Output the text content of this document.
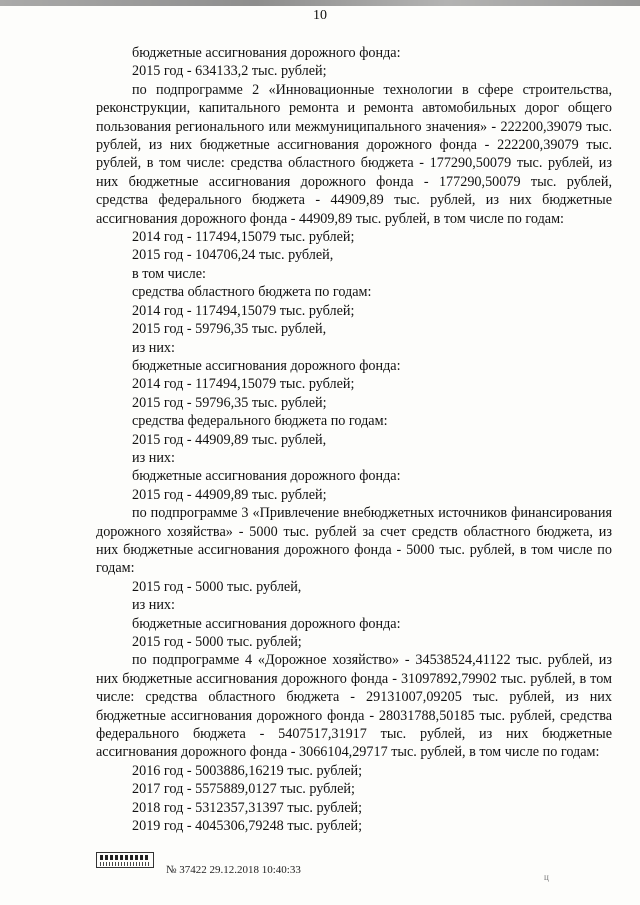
10

бюджетные ассигнования дорожного фонда:

2015 год - 634133,2 тыс. рублей;

по подпрограмме 2 «Инновационные технологии в сфере строительства, реконструкции, капитального ремонта и ремонта автомобильных дорог общего пользования регионального или межмуниципального значения» - 222200,39079 тыс. рублей, из них бюджетные ассигнования дорожного фонда - 222200,39079 тыс. рублей, в том числе: средства областного бюджета - 177290,50079 тыс. рублей, из них бюджетные ассигнования дорожного фонда - 177290,50079 тыс. рублей, средства федерального бюджета - 44909,89 тыс. рублей, из них бюджетные ассигнования дорожного фонда - 44909,89 тыс. рублей, в том числе по годам:

2014 год - 117494,15079 тыс. рублей;

2015 год - 104706,24 тыс. рублей,

в том числе:

средства областного бюджета по годам:

2014 год - 117494,15079 тыс. рублей;

2015 год - 59796,35 тыс. рублей,

из них:

бюджетные ассигнования дорожного фонда:

2014 год - 117494,15079 тыс. рублей;

2015 год - 59796,35 тыс. рублей;

средства федерального бюджета по годам:

2015 год - 44909,89 тыс. рублей,

из них:

бюджетные ассигнования дорожного фонда:

2015 год - 44909,89 тыс. рублей;

по подпрограмме 3 «Привлечение внебюджетных источников финансирования дорожного хозяйства» - 5000 тыс. рублей за счет средств областного бюджета, из них бюджетные ассигнования дорожного фонда - 5000 тыс. рублей, в том числе по годам:

2015 год - 5000 тыс. рублей,

из них:

бюджетные ассигнования дорожного фонда:

2015 год - 5000 тыс. рублей;

по подпрограмме 4 «Дорожное хозяйство» - 34538524,41122 тыс. рублей, из них бюджетные ассигнования дорожного фонда - 31097892,79902 тыс. рублей, в том числе: средства областного бюджета - 29131007,09205 тыс. рублей, из них бюджетные ассигнования дорожного фонда - 28031788,50185 тыс. рублей, средства федерального бюджета - 5407517,31917 тыс. рублей, из них бюджетные ассигнования дорожного фонда - 3066104,29717 тыс. рублей, в том числе по годам:

2016 год - 5003886,16219 тыс. рублей;

2017 год - 5575889,0127 тыс. рублей;

2018 год - 5312357,31397 тыс. рублей;

2019 год - 4045306,79248 тыс. рублей;

№ 37422 29.12.2018 10:40:33
ц
